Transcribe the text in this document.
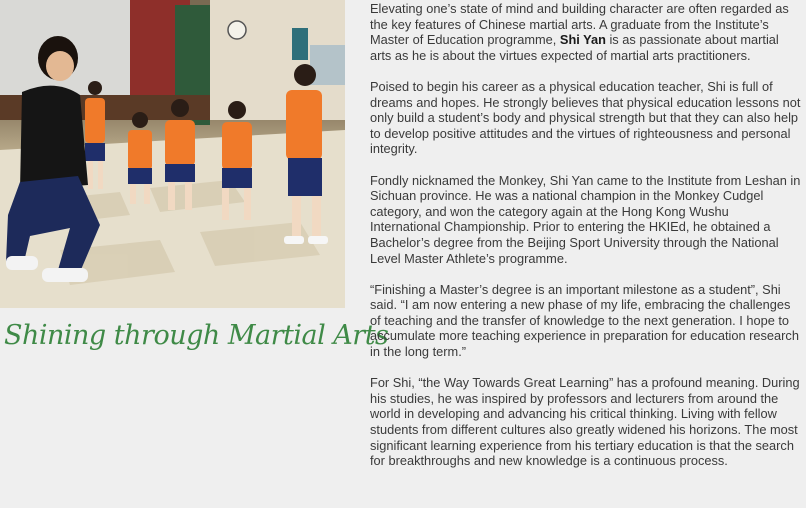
Shining through Martial Arts

Elevating one’s state of mind and building character are often regarded as the key features of Chinese martial arts. A graduate from the Institute’s Master of Education programme, Shi Yan is as passionate about martial arts as he is about the virtues expected of martial arts practitioners.

Poised to begin his career as a physical education teacher, Shi is full of dreams and hopes. He strongly believes that physical education lessons not only build a student’s body and physical strength but that they can also help to develop positive attitudes and the virtues of righteousness and personal integrity.

Fondly nicknamed the Monkey, Shi Yan came to the Institute from Leshan in Sichuan province. He was a national champion in the Monkey Cudgel category, and won the category again at the Hong Kong Wushu International Championship. Prior to entering the HKIEd, he obtained a Bachelor’s degree from the Beijing Sport University through the National Level Master Athlete’s programme.

“Finishing a Master’s degree is an important milestone as a student”, Shi said. “I am now entering a new phase of my life, embracing the challenges of teaching and the transfer of knowledge to the next generation. I hope to accumulate more teaching experience in preparation for education research in the long term.”

For Shi, “the Way Towards Great Learning” has a profound meaning. During his studies, he was inspired by professors and lecturers from around the world in developing and advancing his critical thinking. Living with fellow students from different cultures also greatly widened his horizons. The most significant learning experience from his tertiary education is that the search for breakthroughs and new knowledge is a continuous process.
